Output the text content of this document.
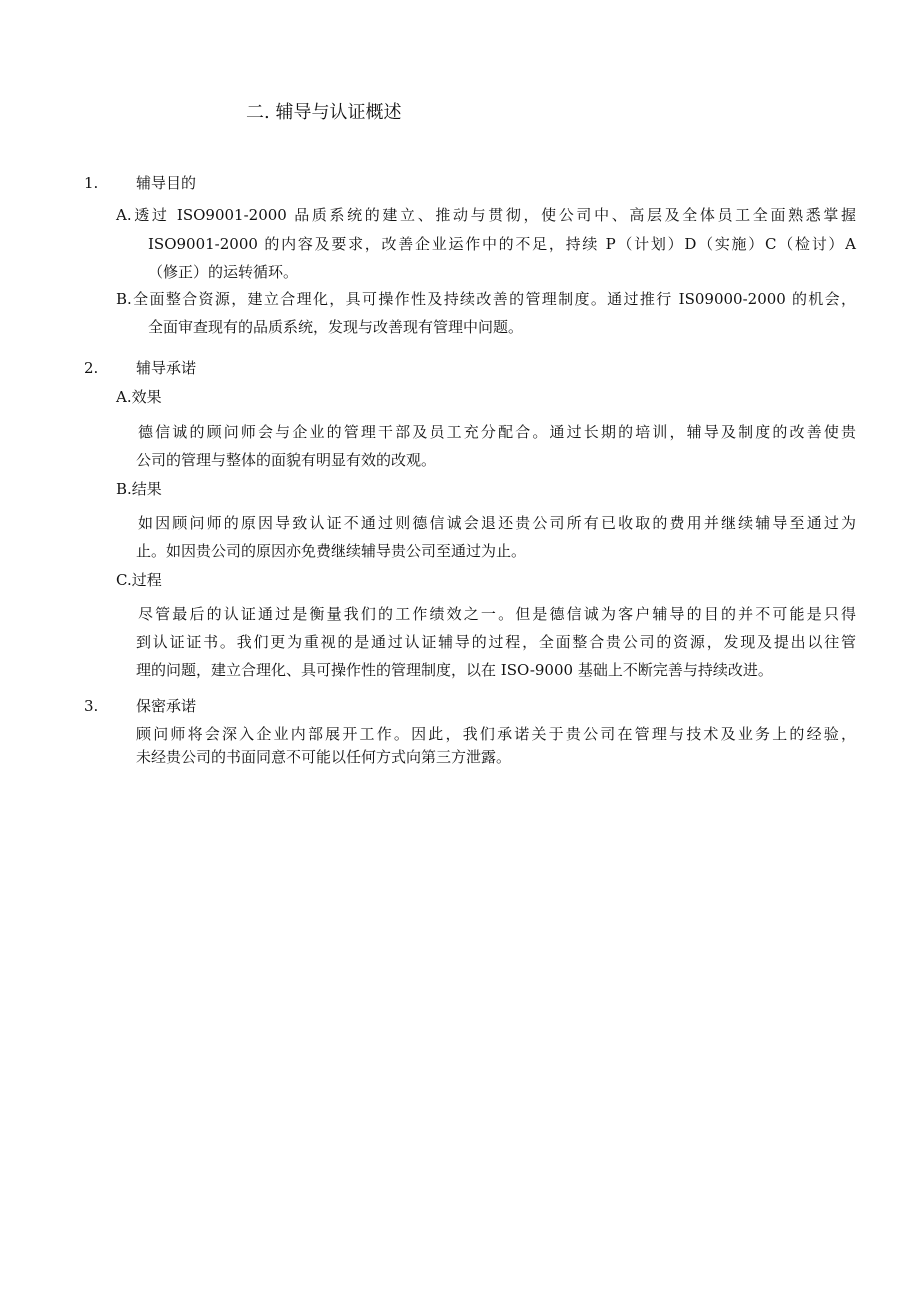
二. 辅导与认证概述
1.	辅导目的
A.透过 ISO9001-2000 品质系统的建立、推动与贯彻，使公司中、高层及全体员工全面熟悉掌握
ISO9001-2000 的内容及要求，改善企业运作中的不足，持续 P（计划）D（实施）C（检讨）A
（修正）的运转循环。
B.全面整合资源，建立合理化，具可操作性及持续改善的管理制度。通过推行 IS09000-2000 的机会，
全面审查现有的品质系统，发现与改善现有管理中问题。
2.	辅导承诺
A.效果
德信诚的顾问师会与企业的管理干部及员工充分配合。通过长期的培训，辅导及制度的改善使贵
公司的管理与整体的面貌有明显有效的改观。
B.结果
如因顾问师的原因导致认证不通过则德信诚会退还贵公司所有已收取的费用并继续辅导至通过为
止。如因贵公司的原因亦免费继续辅导贵公司至通过为止。
C.过程
尽管最后的认证通过是衡量我们的工作绩效之一。但是德信诚为客户辅导的目的并不可能是只得
到认证证书。我们更为重视的是通过认证辅导的过程，全面整合贵公司的资源，发现及提出以往管
理的问题，建立合理化、具可操作性的管理制度，以在 ISO-9000 基础上不断完善与持续改进。
3.	保密承诺
顾问师将会深入企业内部展开工作。因此，我们承诺关于贵公司在管理与技术及业务上的经验，
未经贵公司的书面同意不可能以任何方式向第三方泄露。
